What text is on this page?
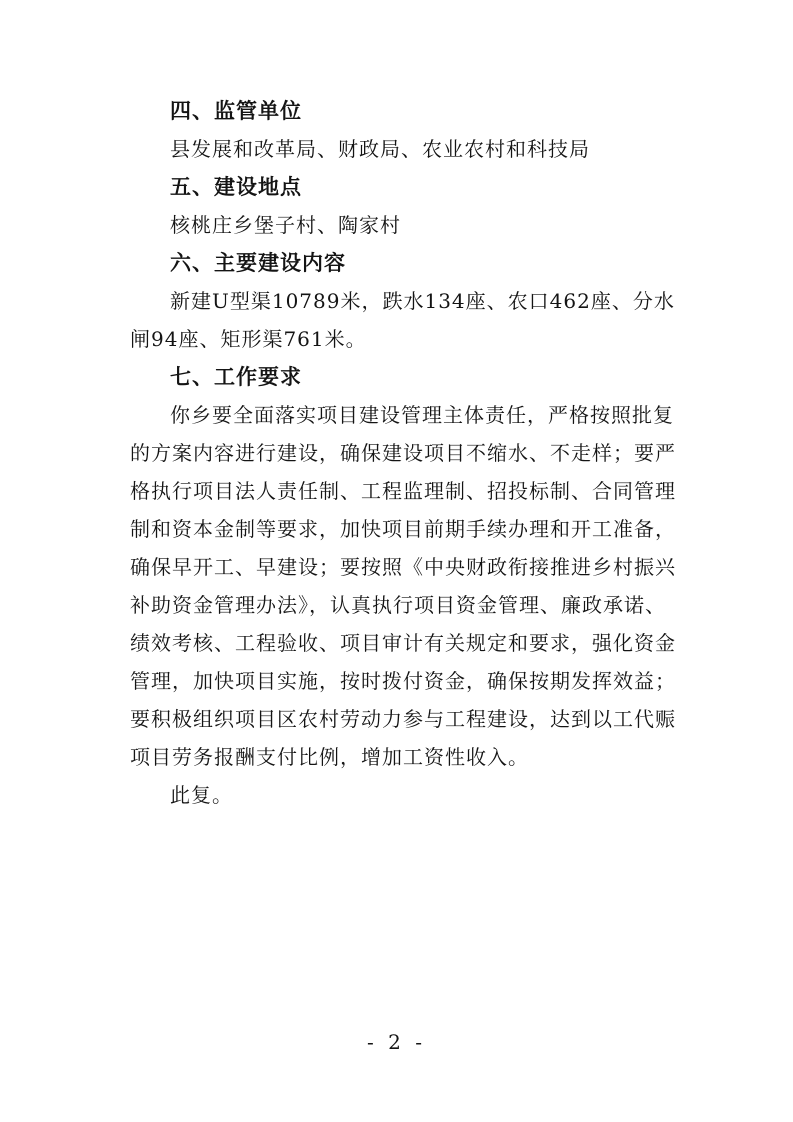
四、监管单位
县发展和改革局、财政局、农业农村和科技局
五、建设地点
核桃庄乡堡子村、陶家村
六、主要建设内容
新建U型渠10789米，跌水134座、农口462座、分水
闸94座、矩形渠761米。
七、工作要求
你乡要全面落实项目建设管理主体责任，严格按照批复
的方案内容进行建设，确保建设项目不缩水、不走样；要严
格执行项目法人责任制、工程监理制、招投标制、合同管理
制和资本金制等要求，加快项目前期手续办理和开工准备，
确保早开工、早建设；要按照《中央财政衔接推进乡村振兴
补助资金管理办法》，认真执行项目资金管理、廉政承诺、
绩效考核、工程验收、项目审计有关规定和要求，强化资金
管理，加快项目实施，按时拨付资金，确保按期发挥效益；
要积极组织项目区农村劳动力参与工程建设，达到以工代赈
项目劳务报酬支付比例，增加工资性收入。
此复。
- 2 -
